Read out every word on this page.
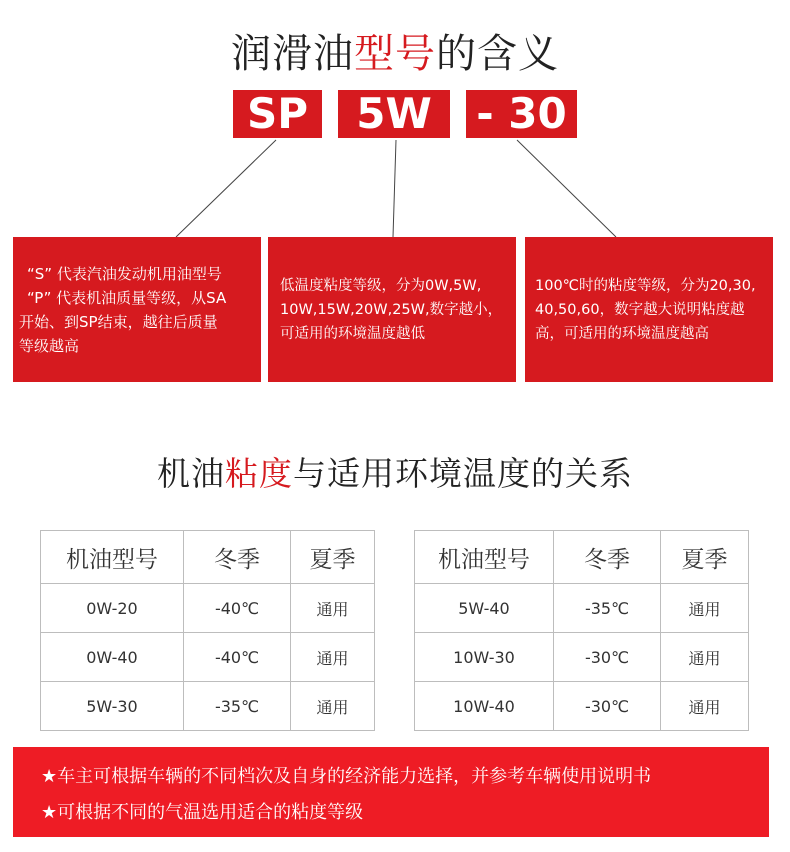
润滑油型号的含义
SP	5W	- 30
“S” 代表汽油发动机用油型号
“P” 代表机油质量等级，从SA
开始、到SP结束，越往后质量
等级越高
低温度粘度等级，分为0W,5W,
10W,15W,20W,25W,数字越小，
可适用的环境温度越低
100℃时的粘度等级，分为20,30,
40,50,60，数字越大说明粘度越
高，可适用的环境温度越高
机油粘度与适用环境温度的关系
机油型号	冬季	夏季
0W-20	-40℃	通用
0W-40	-40℃	通用
5W-30	-35℃	通用
机油型号	冬季	夏季
5W-40	-35℃	通用
10W-30	-30℃	通用
10W-40	-30℃	通用
★车主可根据车辆的不同档次及自身的经济能力选择，并参考车辆使用说明书
★可根据不同的气温选用适合的粘度等级
